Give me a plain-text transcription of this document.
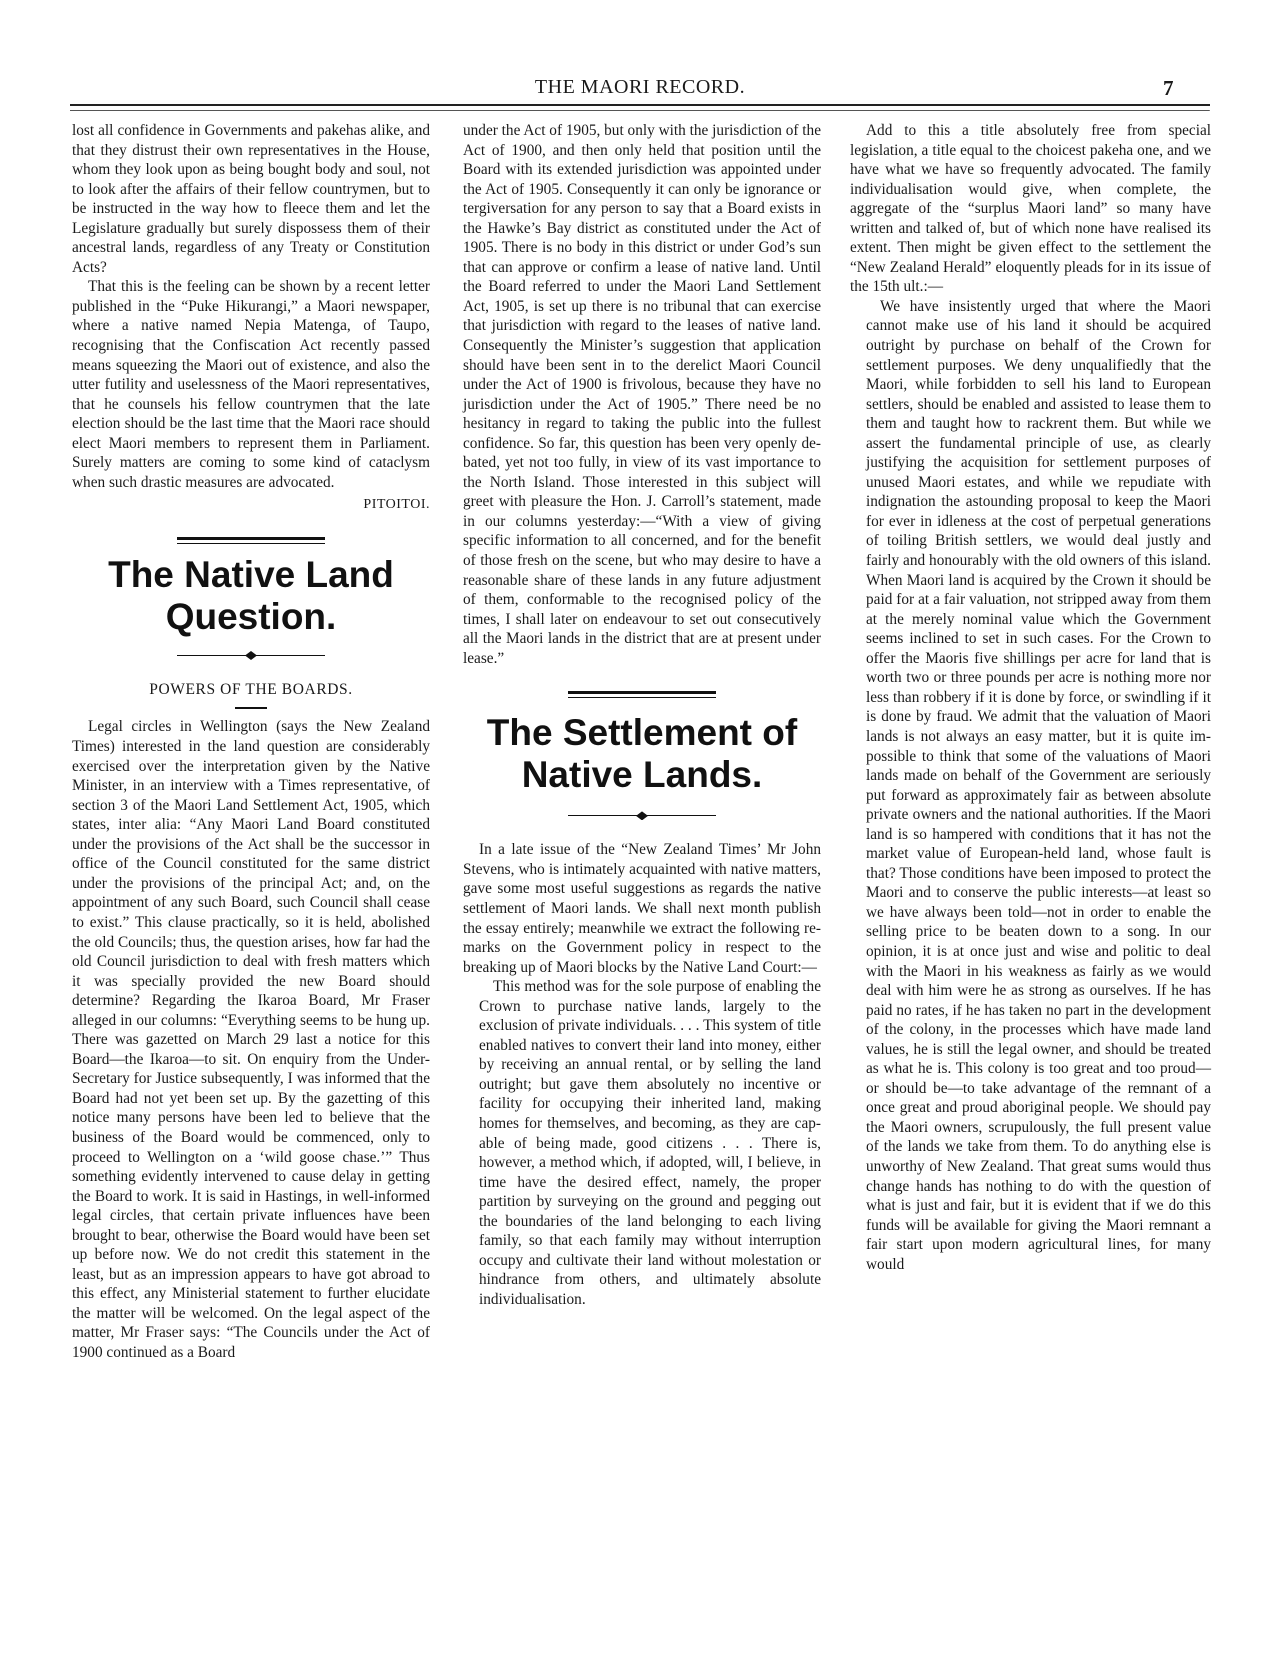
THE MAORI RECORD.	7

lost all confidence in Governments and pakehas alike, and that they distrust their own representatives in the House, whom they look upon as being bought body and soul, not to look after the affairs of their fellow countrymen, but to be instructed in the way how to fleece them and let the Legislature gradually but surely dispossess them of their ancestral lands, regardless of any Treaty or Constitution Acts?

That this is the feeling can be shown by a recent letter published in the “Puke Hikurangi,” a Maori newspaper, where a native named Nepia Matenga, of Taupo, recognising that the Confiscation Act recently passed means squeezing the Maori out of existence, and also the utter futility and uselessness of the Maori representatives, that he counsels his fellow countrymen that the late election should be the last time that the Maori race should elect Maori members to represent them in Parliament. Surely matters are coming to some kind of cataclysm when such drastic measures are advocated.

PITOITOI.
The Native Land Question.
POWERS OF THE BOARDS.

Legal circles in Wellington (says the New Zealand Times) interested in the land question are considerably exercised over the interpretation given by the Native Minister, in an interview with a Times representative, of section 3 of the Maori Land Settlement Act, 1905, which states, inter alia: “Any Maori Land Board constituted under the provisions of the Act shall be the successor in office of the Council constituted for the same district under the provisions of the principal Act; and, on the appointment of any such Board, such Council shall cease to exist.” This clause practically, so it is held, abolished the old Councils; thus, the question arises, how far had the old Council jurisdiction to deal with fresh matters which it was specially provided the new Board should determine? Regarding the Ikaroa Board, Mr Fraser alleged in our columns: “Everything seems to be hung up. There was gazetted on March 29 last a notice for this Board—the Ikaroa—to sit. On enquiry from the Under-Secretary for Justice subsequently, I was informed that the Board had not yet been set up. By the gazetting of this notice many persons have been led to believe that the business of the Board would be commenced, only to proceed to Wellington on a ‘wild goose chase.’” Thus something evidently intervened to cause delay in getting the Board to work. It is said in Hastings, in well-informed legal circles, that certain private influences have been brought to bear, otherwise the Board would have been set up before now. We do not credit this statement in the least, but as an impression appears to have got abroad to this effect, any Ministerial statement to further elucidate the matter will be welcomed. On the legal aspect of the matter, Mr Fraser says: “The Councils under the Act of 1900 continued as a Board

under the Act of 1905, but only with the jurisdiction of the Act of 1900, and then only held that position until the Board with its extended jurisdiction was appointed under the Act of 1905. Consequently it can only be ignorance or tergiversation for any person to say that a Board exists in the Hawke’s Bay district as constituted under the Act of 1905. There is no body in this district or under God’s sun that can approve or confirm a lease of native land. Until the Board referred to under the Maori Land Settlement Act, 1905, is set up there is no tribunal that can exercise that jurisdiction with regard to the leases of native land. Consequently the Minister’s suggestion that application should have been sent in to the derelict Maori Council under the Act of 1900 is frivolous, because they have no jurisdiction under the Act of 1905.” There need be no hesitancy in regard to taking the public into the fullest confidence. So far, this question has been very openly debated, yet not too fully, in view of its vast importance to the North Island. Those interested in this subject will greet with pleasure the Hon. J. Carroll’s statement, made in our columns yesterday:—“With a view of giving specific information to all concerned, and for the benefit of those fresh on the scene, but who may desire to have a reasonable share of these lands in any future adjustment of them, conformable to the recognised policy of the times, I shall later on endeavour to set out consecutively all the Maori lands in the district that are at present under lease.”

The Settlement of Native Lands.

In a late issue of the “New Zealand Times’ Mr John Stevens, who is intimately acquainted with native matters, gave some most useful suggestions as regards the native settlement of Maori lands. We shall next month publish the essay entirely; meanwhile we extract the following remarks on the Government policy in respect to the breaking up of Maori blocks by the Native Land Court:—

This method was for the sole purpose of enabling the Crown to purchase native lands, largely to the exclusion of private individuals. . . . This system of title enabled natives to convert their land into money, either by receiving an annual rental, or by selling the land outright; but gave them absolutely no incentive or facility for occupying their inherited land, making homes for themselves, and becoming, as they are capable of being made, good citizens . . . There is, however, a method which, if adopted, will, I believe, in time have the desired effect, namely, the proper partition by surveying on the ground and pegging out the boundaries of the land belonging to each living family, so that each family may without interruption occupy and cultivate their land without molestation or hindrance from others, and ultimately absolute individualisation.

Add to this a title absolutely free from special legislation, a title equal to the choicest pakeha one, and we have what we have so frequently advocated. The family individualisation would give, when complete, the aggregate of the “surplus Maori land” so many have written and talked of, but of which none have realised its extent. Then might be given effect to the settlement the “New Zealand Herald” eloquently pleads for in its issue of the 15th ult.:—

We have insistently urged that where the Maori cannot make use of his land it should be acquired outright by purchase on behalf of the Crown for settlement purposes. We deny unqualifiedly that the Maori, while forbidden to sell his land to European settlers, should be enabled and assisted to lease them to them and taught how to rackrent them. But while we assert the fundamental principle of use, as clearly justifying the acquisition for settlement purposes of unused Maori estates, and while we repudiate with indignation the astounding proposal to keep the Maori for ever in idleness at the cost of perpetual generations of toiling British settlers, we would deal justly and fairly and honourably with the old owners of this island. When Maori land is acquired by the Crown it should be paid for at a fair valuation, not stripped away from them at the merely nominal value which the Government seems inclined to set in such cases. For the Crown to offer the Maoris five shillings per acre for land that is worth two or three pounds per acre is nothing more nor less than robbery if it is done by force, or swindling if it is done by fraud. We admit that the valuation of Maori lands is not always an easy matter, but it is quite impossible to think that some of the valuations of Maori lands made on behalf of the Government are seriously put forward as approximately fair as between absolute private owners and the national authorities. If the Maori land is so hampered with conditions that it has not the market value of European-held land, whose fault is that? Those conditions have been imposed to protect the Maori and to conserve the public interests—at least so we have always been told—not in order to enable the selling price to be beaten down to a song. In our opinion, it is at once just and wise and politic to deal with the Maori in his weakness as fairly as we would deal with him were he as strong as ourselves. If he has paid no rates, if he has taken no part in the development of the colony, in the processes which have made land values, he is still the legal owner, and should be treated as what he is. This colony is too great and too proud—or should be—to take advantage of the remnant of a once great and proud aboriginal people. We should pay the Maori owners, scrupulously, the full present value of the lands we take from them. To do anything else is unworthy of New Zealand. That great sums would thus change hands has nothing to do with the question of what is just and fair, but it is evident that if we do this funds will be available for giving the Maori remnant a fair start upon modern agricultural lines, for many would
